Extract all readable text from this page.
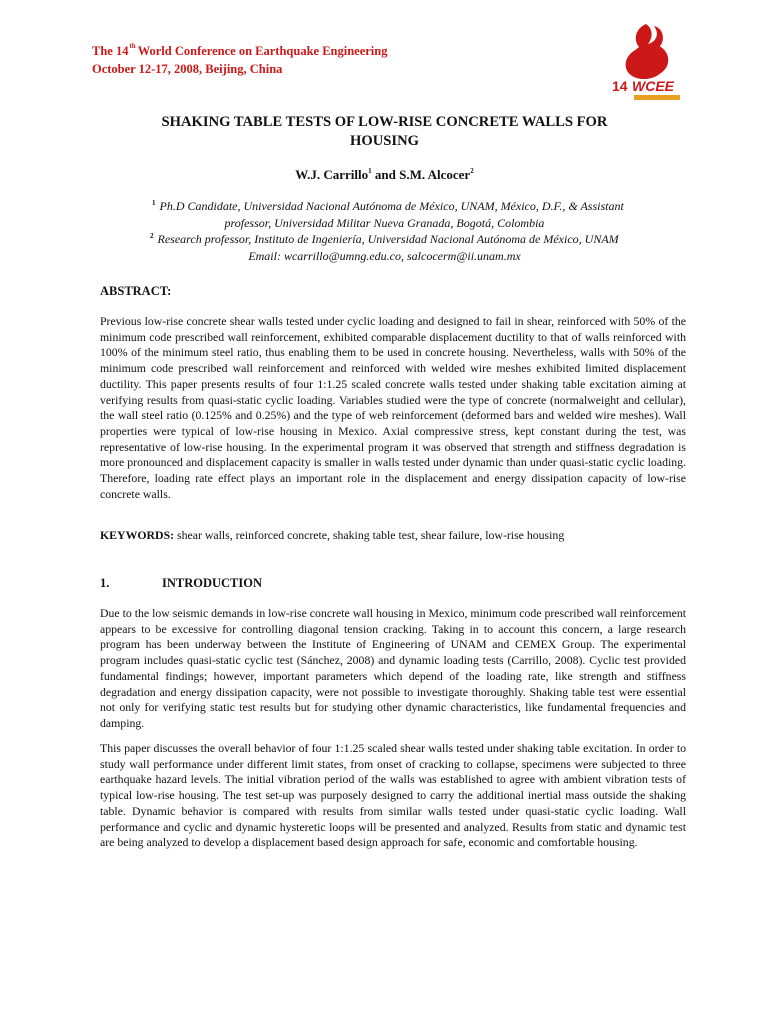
The 14th World Conference on Earthquake Engineering
October 12-17, 2008, Beijing, China
14 WCEE
SHAKING TABLE TESTS OF LOW-RISE CONCRETE WALLS FOR
HOUSING
W.J. Carrillo$^1$ and S.M. Alcocer$^2$
$^1$ Ph.D Candidate, Universidad Nacional Autónoma de México, UNAM, México, D.F., & Assistant
professor, Universidad Militar Nueva Granada, Bogotá, Colombia
$^2$ Research professor, Instituto de Ingeniería, Universidad Nacional Autónoma de México, UNAM
Email: wcarrillo@umng.edu.co, salcocerm@ii.unam.mx
ABSTRACT:

Previous low-rise concrete shear walls tested under cyclic loading and designed to fail in shear, reinforced with 50% of the minimum code prescribed wall reinforcement, exhibited comparable displacement ductility to that of walls reinforced with 100% of the minimum steel ratio, thus enabling them to be used in concrete housing. Nevertheless, walls with 50% of the minimum code prescribed wall reinforcement and reinforced with welded wire meshes exhibited limited displacement ductility. This paper presents results of four 1:1.25 scaled concrete walls tested under shaking table excitation aiming at verifying results from quasi-static cyclic loading. Variables studied were the type of concrete (normalweight and cellular), the wall steel ratio (0.125% and 0.25%) and the type of web reinforcement (deformed bars and welded wire meshes). Wall properties were typical of low-rise housing in Mexico. Axial compressive stress, kept constant during the test, was representative of low-rise housing. In the experimental program it was observed that strength and stiffness degradation is more pronounced and displacement capacity is smaller in walls tested under dynamic than under quasi-static cyclic loading. Therefore, loading rate effect plays an important role in the displacement and energy dissipation capacity of low-rise concrete walls.

KEYWORDS: shear walls, reinforced concrete, shaking table test, shear failure, low-rise housing

1.	INTRODUCTION

Due to the low seismic demands in low-rise concrete wall housing in Mexico, minimum code prescribed wall reinforcement appears to be excessive for controlling diagonal tension cracking. Taking in to account this concern, a large research program has been underway between the Institute of Engineering of UNAM and CEMEX Group. The experimental program includes quasi-static cyclic test (Sánchez, 2008) and dynamic loading tests (Carrillo, 2008). Cyclic test provided fundamental findings; however, important parameters which depend of the loading rate, like strength and stiffness degradation and energy dissipation capacity, were not possible to investigate thoroughly. Shaking table test were essential not only for verifying static test results but for studying other dynamic characteristics, like fundamental frequencies and damping.

This paper discusses the overall behavior of four 1:1.25 scaled shear walls tested under shaking table excitation. In order to study wall performance under different limit states, from onset of cracking to collapse, specimens were subjected to three earthquake hazard levels. The initial vibration period of the walls was established to agree with ambient vibration tests of typical low-rise housing. The test set-up was purposely designed to carry the additional inertial mass outside the shaking table. Dynamic behavior is compared with results from similar walls tested under quasi-static cyclic loading. Wall performance and cyclic and dynamic hysteretic loops will be presented and analyzed. Results from static and dynamic test are being analyzed to develop a displacement based design approach for safe, economic and comfortable housing.
